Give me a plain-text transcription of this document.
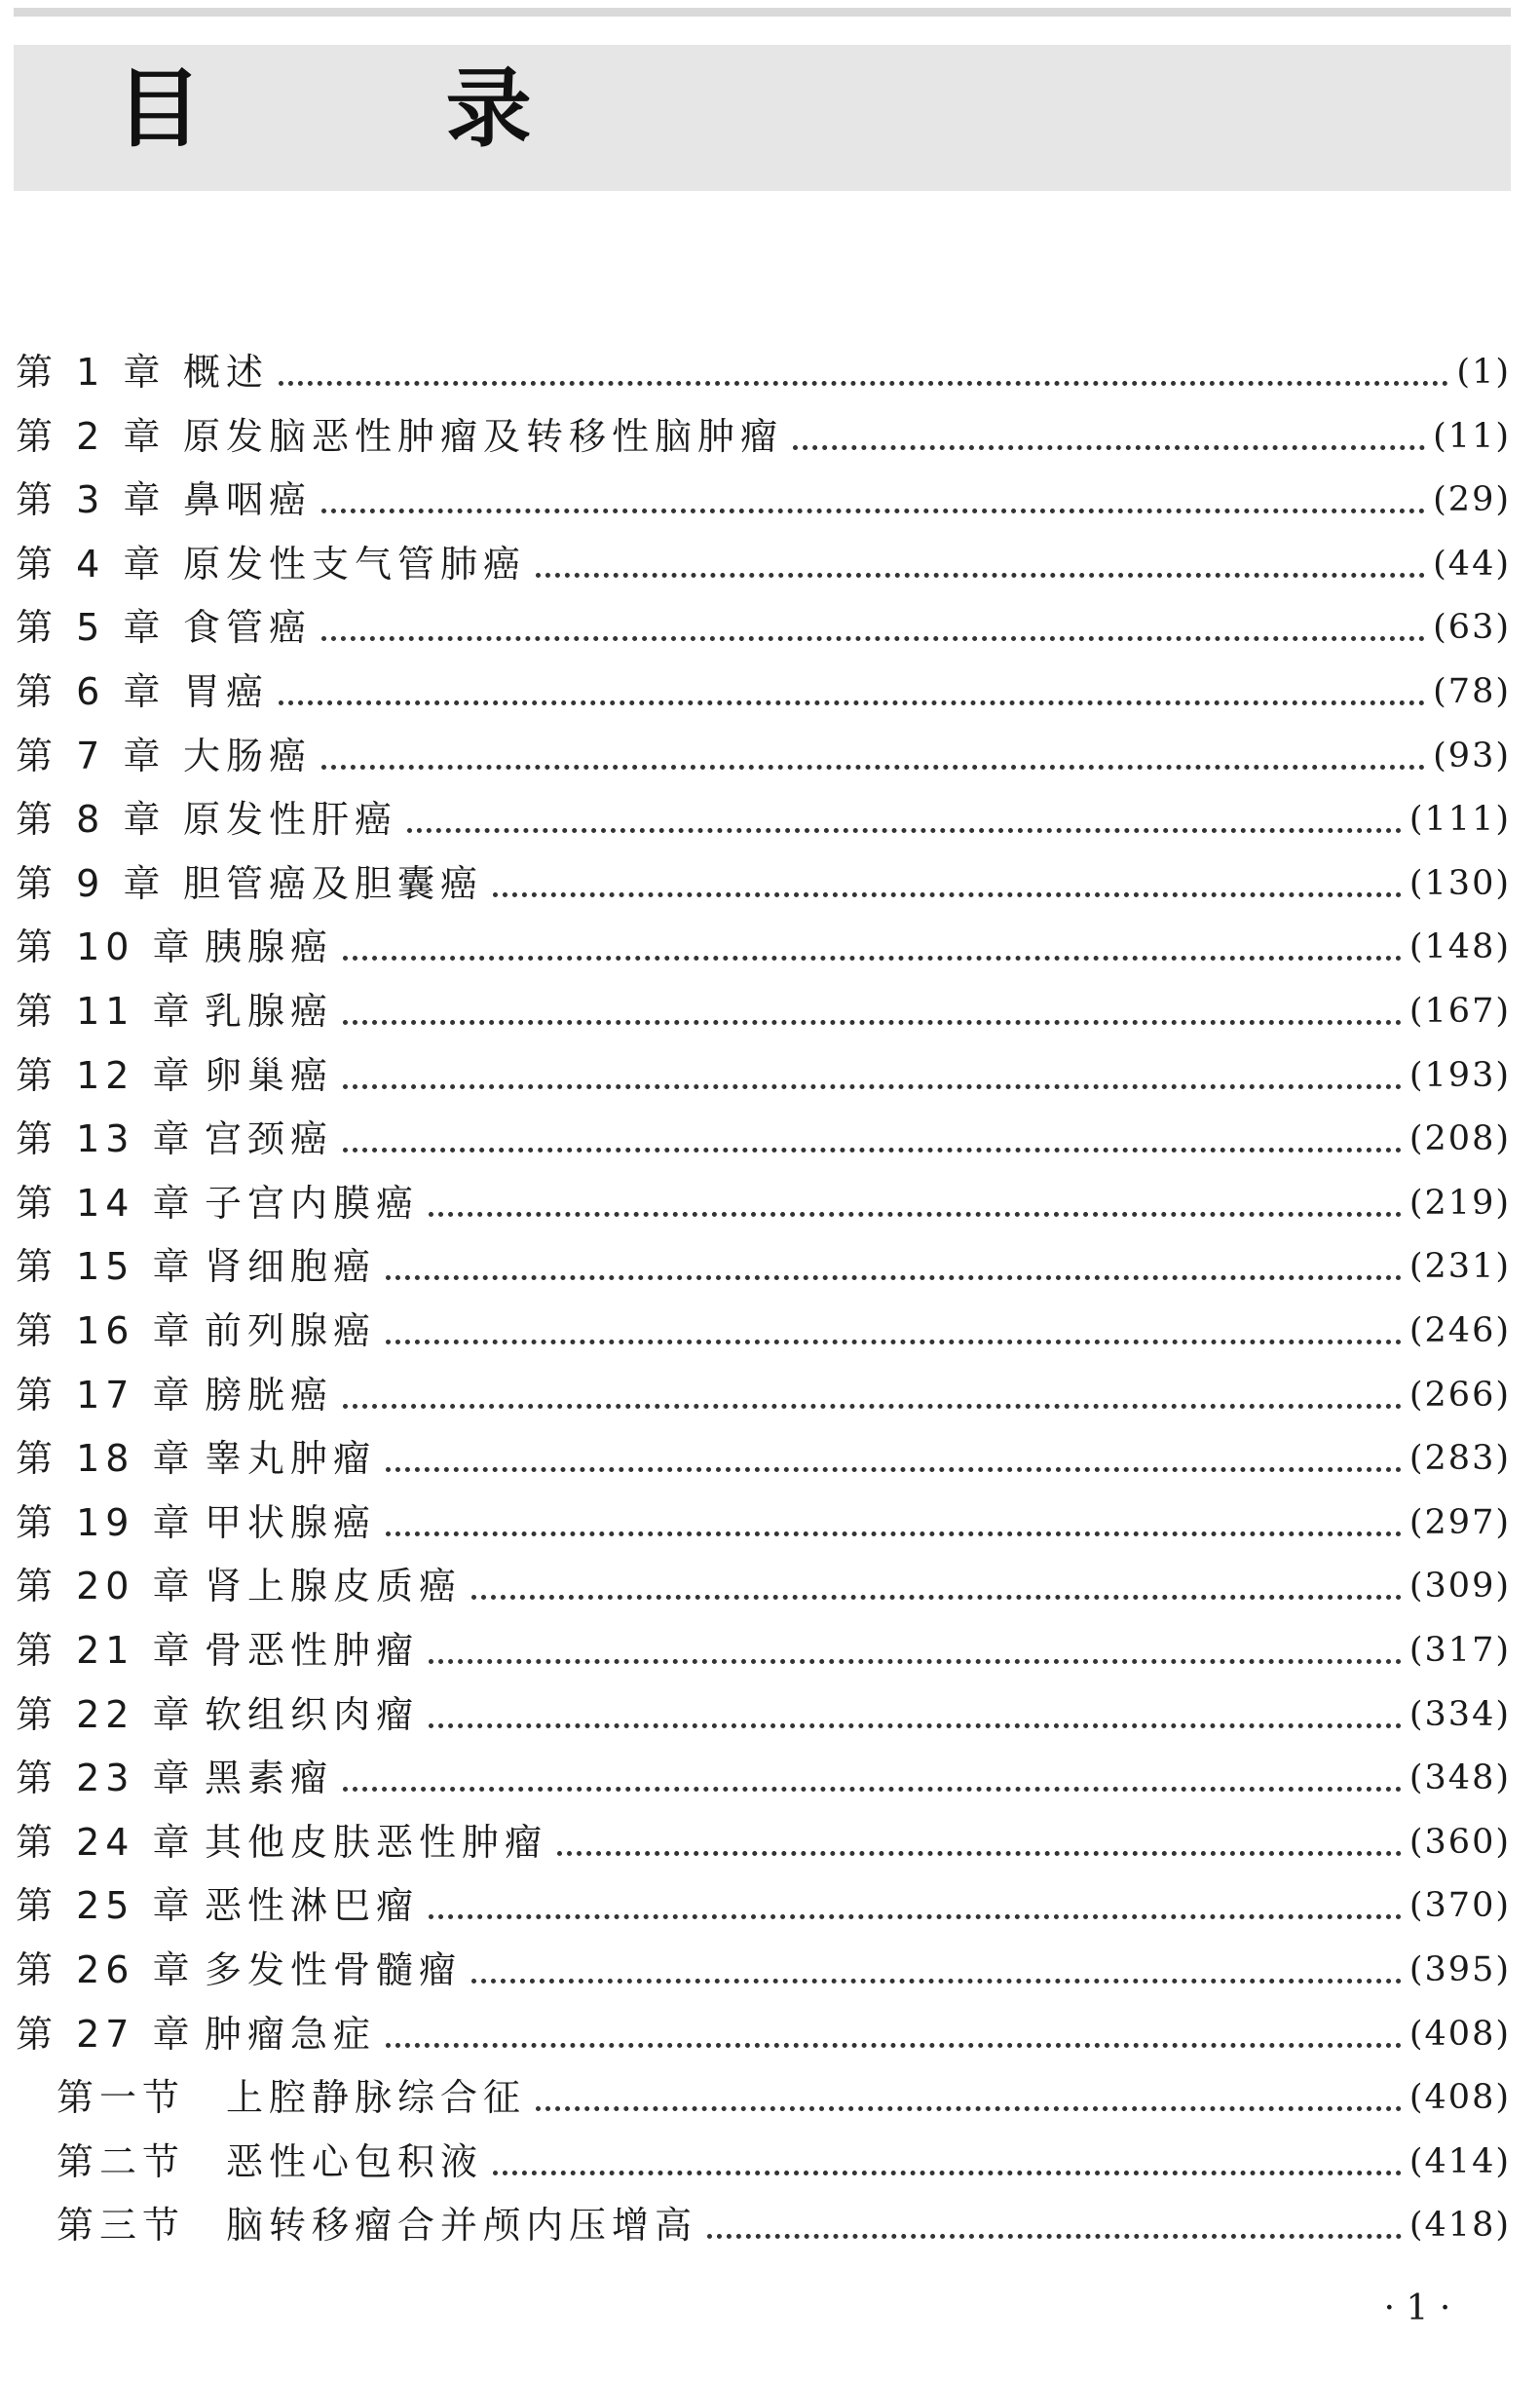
目 录
第 1 章 概述	(1)
第 2 章 原发脑恶性肿瘤及转移性脑肿瘤	(11)
第 3 章 鼻咽癌	(29)
第 4 章 原发性支气管肺癌	(44)
第 5 章 食管癌	(63)
第 6 章 胃癌	(78)
第 7 章 大肠癌	(93)
第 8 章 原发性肝癌	(111)
第 9 章 胆管癌及胆囊癌	(130)
第 10 章 胰腺癌	(148)
第 11 章 乳腺癌	(167)
第 12 章 卵巢癌	(193)
第 13 章 宫颈癌	(208)
第 14 章 子宫内膜癌	(219)
第 15 章 肾细胞癌	(231)
第 16 章 前列腺癌	(246)
第 17 章 膀胱癌	(266)
第 18 章 睾丸肿瘤	(283)
第 19 章 甲状腺癌	(297)
第 20 章 肾上腺皮质癌	(309)
第 21 章 骨恶性肿瘤	(317)
第 22 章 软组织肉瘤	(334)
第 23 章 黑素瘤	(348)
第 24 章 其他皮肤恶性肿瘤	(360)
第 25 章 恶性淋巴瘤	(370)
第 26 章 多发性骨髓瘤	(395)
第 27 章 肿瘤急症	(408)
第一节 上腔静脉综合征	(408)
第二节 恶性心包积液	(414)
第三节 脑转移瘤合并颅内压增高	(418)
· 1 ·
